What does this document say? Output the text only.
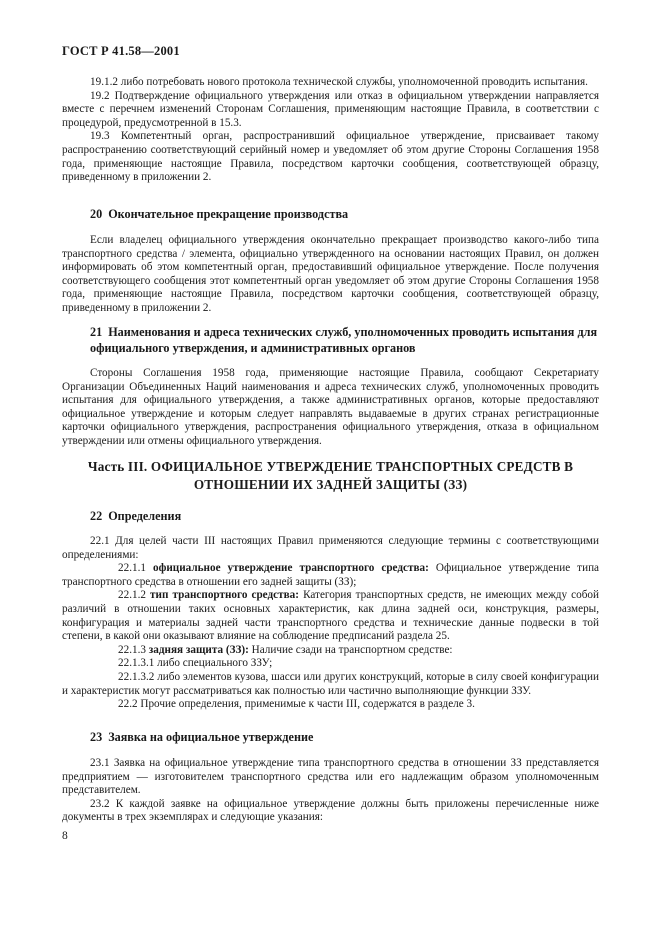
ГОСТ Р 41.58—2001

19.1.2 либо потребовать нового протокола технической службы, уполномоченной проводить испытания.

19.2 Подтверждение официального утверждения или отказ в официальном утверждении направляется вместе с перечнем изменений Сторонам Соглашения, применяющим настоящие Правила, в соответствии с процедурой, предусмотренной в 15.3.

19.3 Компетентный орган, распространивший официальное утверждение, присваивает такому распространению соответствующий серийный номер и уведомляет об этом другие Стороны Соглашения 1958 года, применяющие настоящие Правила, посредством карточки сообщения, соответствующей образцу, приведенному в приложении 2.

20 Окончательное прекращение производства

Если владелец официального утверждения окончательно прекращает производство какого-либо типа транспортного средства / элемента, официально утвержденного на основании настоящих Правил, он должен информировать об этом компетентный орган, предоставивший официальное утверждение. После получения соответствующего сообщения этот компетентный орган уведомляет об этом другие Стороны Соглашения 1958 года, применяющие настоящие Правила, посредством карточки сообщения, соответствующей образцу, приведенному в приложении 2.

21 Наименования и адреса технических служб, уполномоченных проводить испытания для официального утверждения, и административных органов

Стороны Соглашения 1958 года, применяющие настоящие Правила, сообщают Секретариату Организации Объединенных Наций наименования и адреса технических служб, уполномоченных проводить испытания для официального утверждения, а также административных органов, которые предоставляют официальное утверждение и которым следует направлять выдаваемые в других странах регистрационные карточки официального утверждения, распространения официального утверждения, отказа в официальном утверждении или отмены официального утверждения.

Часть III. ОФИЦИАЛЬНОЕ УТВЕРЖДЕНИЕ ТРАНСПОРТНЫХ СРЕДСТВ В
ОТНОШЕНИИ ИХ ЗАДНЕЙ ЗАЩИТЫ (ЗЗ)
22 Определения

22.1 Для целей части III настоящих Правил применяются следующие термины с соответствующими определениями:

22.1.1 официальное утверждение транспортного средства: Официальное утверждение типа транспортного средства в отношении его задней защиты (ЗЗ);

22.1.2 тип транспортного средства: Категория транспортных средств, не имеющих между собой различий в отношении таких основных характеристик, как длина задней оси, конструкция, размеры, конфигурация и материалы задней части транспортного средства и технические данные подвески в той степени, в какой они оказывают влияние на соблюдение предписаний раздела 25.

22.1.3 задняя защита (ЗЗ): Наличие сзади на транспортном средстве:

22.1.3.1 либо специального ЗЗУ;

22.1.3.2 либо элементов кузова, шасси или других конструкций, которые в силу своей конфигурации и характеристик могут рассматриваться как полностью или частично выполняющие функции ЗЗУ.

22.2 Прочие определения, применимые к части III, содержатся в разделе 3.

23 Заявка на официальное утверждение

23.1 Заявка на официальное утверждение типа транспортного средства в отношении ЗЗ представляется предприятием — изготовителем транспортного средства или его надлежащим образом уполномоченным представителем.

23.2 К каждой заявке на официальное утверждение должны быть приложены перечисленные ниже документы в трех экземплярах и следующие указания:

8
